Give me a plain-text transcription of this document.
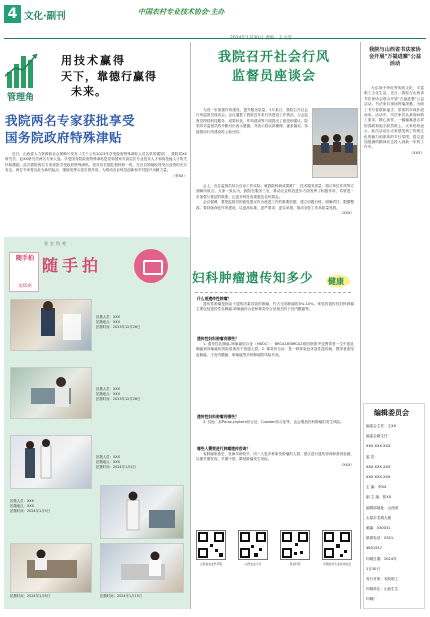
4 文化·副刊	中国农村专业技术协会·主办
管理角
用技术赢得
天下，靠德行赢得
未来。
我院两名专家获批享受
国务院政府特殊津贴

近日，山西省人力资源和社会保障厅发布《关于公布2023年享受政府特殊津贴人员名单的通知》，我院刘XX研究员、赵XX研究员两名专家入选。享受国务院政府特殊津贴是党和国家对高层次专业技术人才和高技能人才的关怀和激励。此次我院两名专家获批享受政府特殊津贴，是对其长期扎根科研一线、在各自领域取得突出业绩的充分肯定。两位专家将以此为新的起点，继续发挥示范引领作用，为推动农业科技创新和乡村振兴贡献力量。

（李XX）
晋农科苑
随手拍
第65期
随手拍
拍摄人员：XXX
拍摄地点：XXX
拍摄时间：2023年12月26日
拍摄人员：XXX
拍摄地点：XXX
拍摄时间：2023年12月28日
拍摄人员：XXX
拍摄地点：XXX
拍摄时间：2024年1月4日
拍摄人员：XXX
拍摄地点：XXX
拍摄时间：2024年1月5日
拍摄时间：2024年1月8日	拍摄时间：2024年1月15日
我院召开社会行风
监督员座谈会

为进一步加强作风建设，提升服务质量，1月某日，我院召开社会行风监督员座谈会。会议通报了我院近年来行风建设工作情况，与会监督员围绕科技服务、成果转化、作风建设等方面提出了意见和建议。院领导对监督员的辛勤付出表示感谢，并表示将认真梳理、逐条落实，持续推动行风建设再上新台阶。

会上，各位监督员结合自身工作实际，就我院科研成果推广、技术服务质量、窗口单位作风等方面畅所欲言。大家一致认为，我院在服务三农、推动农业科技进步方面发挥了积极作用，希望进一步加强与基层的联系，让更多科技成果惠及农民群众。

会议强调，要把监督员的意见建议作为改进工作的重要依据，建立问题台账，明确责任，限期整改。要持续深化作风建设，以更高标准、更严要求、更实举措，推动全院工作高质量发展。

（XXX）
妇科肿瘤遗传知多少	健康
什么是遗传性肿瘤？

遗传性肿瘤是指由于遗传因素导致的肿瘤，约占全部肿瘤的5%-10%。常见的遗传性妇科肿瘤主要包括遗传性乳腺癌-卵巢癌综合征和林奇综合征相关的子宫内膜癌等。

遗传性妇科肿瘤有哪些？

1. 遗传性乳腺癌-卵巢癌综合征（HBOC）：BRCA1和BRCA2基因胚系突变携带者一生中患乳腺癌和卵巢癌的风险显著高于普通人群。2. 林奇综合征：是一种常染色体显性遗传病，携带者患结直肠癌、子宫内膜癌、卵巢癌等多种肿瘤的风险升高。

遗传性妇科肿瘤有哪些？

3. 其他：如Peutz-Jeghers综合征、Cowden综合征等，也会增加妇科肿瘤的发生风险。

哪些人需要进行肿瘤遗传咨询？

有肿瘤家族史、发病年龄较早、同一人患多种原发肿瘤的人群，建议进行遗传咨询和基因检测，以便早期发现、早期干预，降低肿瘤发生风险。

（XXX）
山西省农业科学院	山西农业大学	晋农科苑	中国农村专业技术协会
我院与山西省书法家协会开展"万福进寨"公益活动

为弘扬中华优秀传统文化，丰富职工文化生活，近日，我院与山西省书法家协会联合开展"万福进寨"公益活动。书法家们现场挥毫泼墨，为职工书写春联和福字，浓浓的年味扑面而来。活动中，书法家们认真询问职工需求，精心创作，一幅幅寓意吉祥的春联和福字跃然纸上。大家纷纷表示，此次活动让大家感受到了传统文化的魅力和浓浓的节日氛围，将以更加饱满的精神状态投入到新一年的工作中。

（XXX）
编辑委员会
编委会主任：王XX
编委会副主任：
XXX XXX XXX
委 员：
XXX XXX XXX
XXX XXX XXX
主 编：李XX
副 主 编：张XX
编辑部地址：山西省
太原市龙城大街
邮编：030031
联系电话：0351-
4651547
印刷日期：2024年
1月30日
发行对象：本院职工
印刷单位：山西生生
印刷厂
